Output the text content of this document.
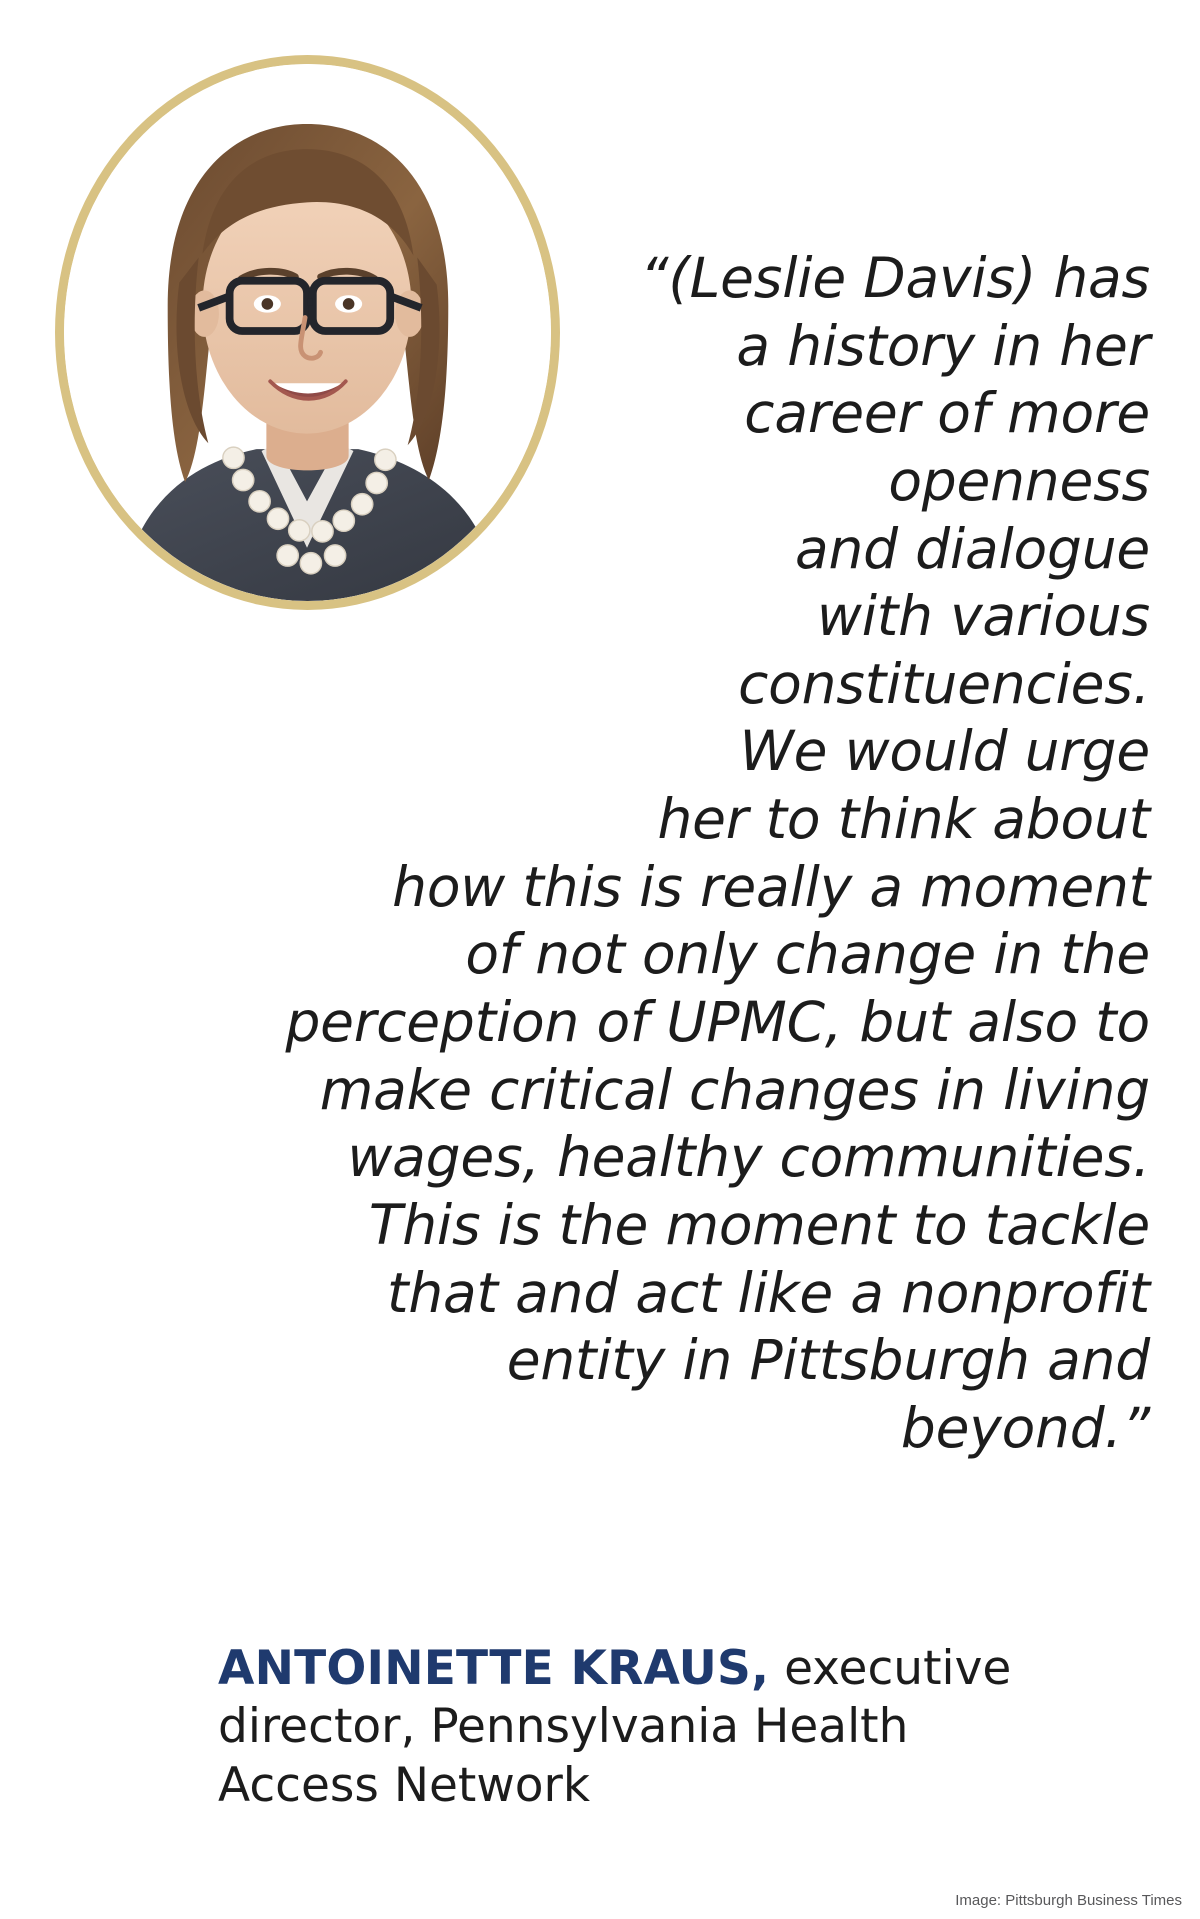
“(Leslie Davis) has
a history in her
career of more
openness
and dialogue
with various
constituencies.
We would urge
her to think about
how this is really a moment
of not only change in the
perception of UPMC, but also to
make critical changes in living
wages, healthy communities.
This is the moment to tackle
that and act like a nonprofit
entity in Pittsburgh and
beyond.”
ANTOINETTE KRAUS, executive
director, Pennsylvania Health
Access Network
Image: Pittsburgh Business Times
